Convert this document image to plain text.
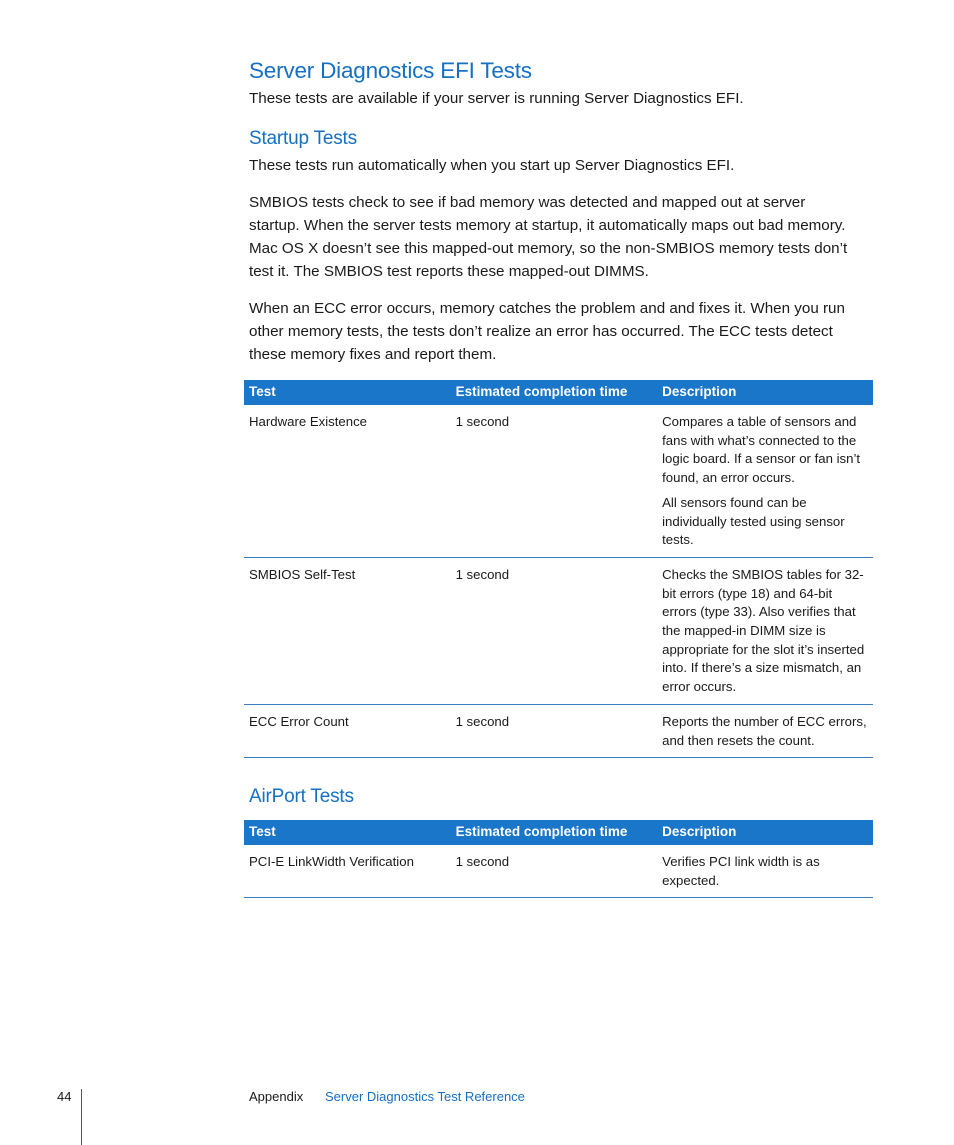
Server Diagnostics EFI Tests

These tests are available if your server is running Server Diagnostics EFI.

Startup Tests

These tests run automatically when you start up Server Diagnostics EFI.

SMBIOS tests check to see if bad memory was detected and mapped out at server startup. When the server tests memory at startup, it automatically maps out bad memory. Mac OS X doesn’t see this mapped-out memory, so the non-SMBIOS memory tests don’t test it. The SMBIOS test reports these mapped-out DIMMS.

When an ECC error occurs, memory catches the problem and and fixes it. When you run other memory tests, the tests don’t realize an error has occurred. The ECC tests detect these memory fixes and report them.

Test	Estimated completion time	Description
Hardware Existence	1 second	Compares a table of sensors and fans with what’s connected to the logic board. If a sensor or fan isn’t found, an error occurs.

All sensors found can be individually tested using sensor tests.

SMBIOS Self-Test	1 second	Checks the SMBIOS tables for 32-bit errors (type 18) and 64-bit errors (type 33). Also verifies that the mapped-in DIMM size is appropriate for the slot it’s inserted into. If there’s a size mismatch, an error occurs.

ECC Error Count	1 second	Reports the number of ECC errors, and then resets the count.

AirPort Tests
Test	Estimated completion time	Description
PCI-E LinkWidth Verification	1 second	Verifies PCI link width is as expected.

44	Appendix Server Diagnostics Test Reference
